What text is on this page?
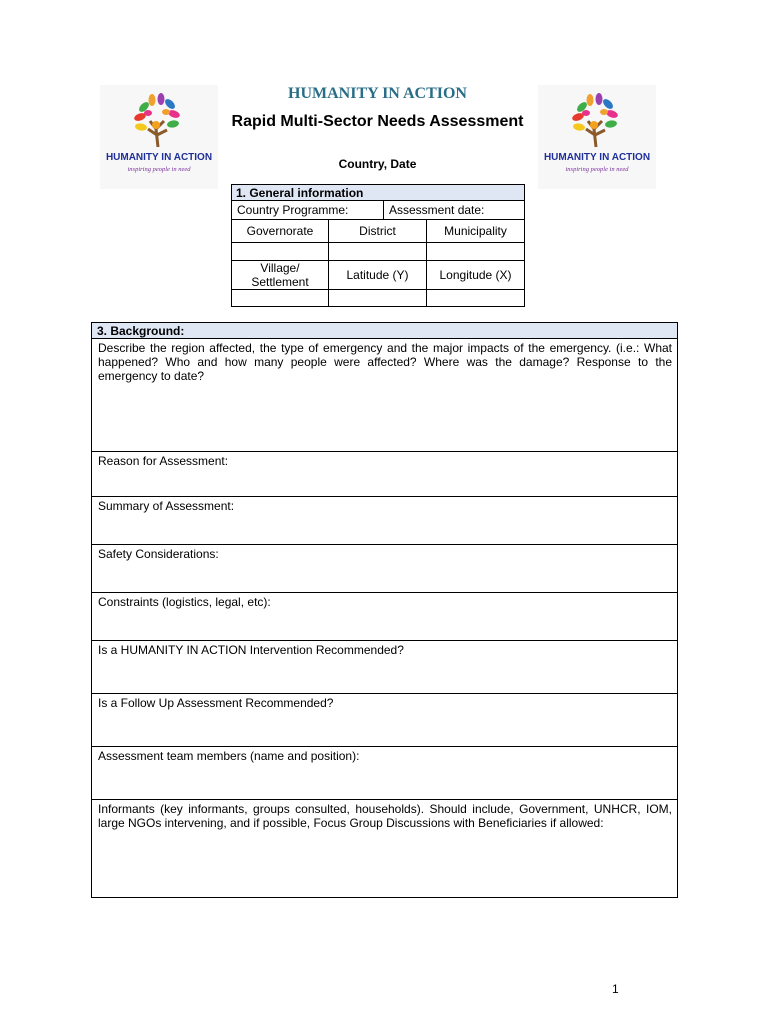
HUMANITY IN ACTION
inspiring people in need
HUMANITY IN ACTION
inspiring people in need
HUMANITY IN ACTION
Rapid Multi-Sector Needs Assessment
Country, Date
1. General information			
Country Programme:		Assessment date:	
Governorate	District		Municipality

Village/ Settlement	Latitude (Y)		Longitude (X)

3. Background:
Describe the region affected, the type of emergency and the major impacts of the emergency. (i.e.: What happened? Who and how many people were affected? Where was the damage? Response to the emergency to date?
Reason for Assessment:
Summary of Assessment:
Safety Considerations:
Constraints (logistics, legal, etc):
Is a HUMANITY IN ACTION Intervention Recommended?
Is a Follow Up Assessment Recommended?
Assessment team members (name and position):
Informants (key informants, groups consulted, households). Should include, Government, UNHCR, IOM, large NGOs intervening, and if possible, Focus Group Discussions with Beneficiaries if allowed:
1
